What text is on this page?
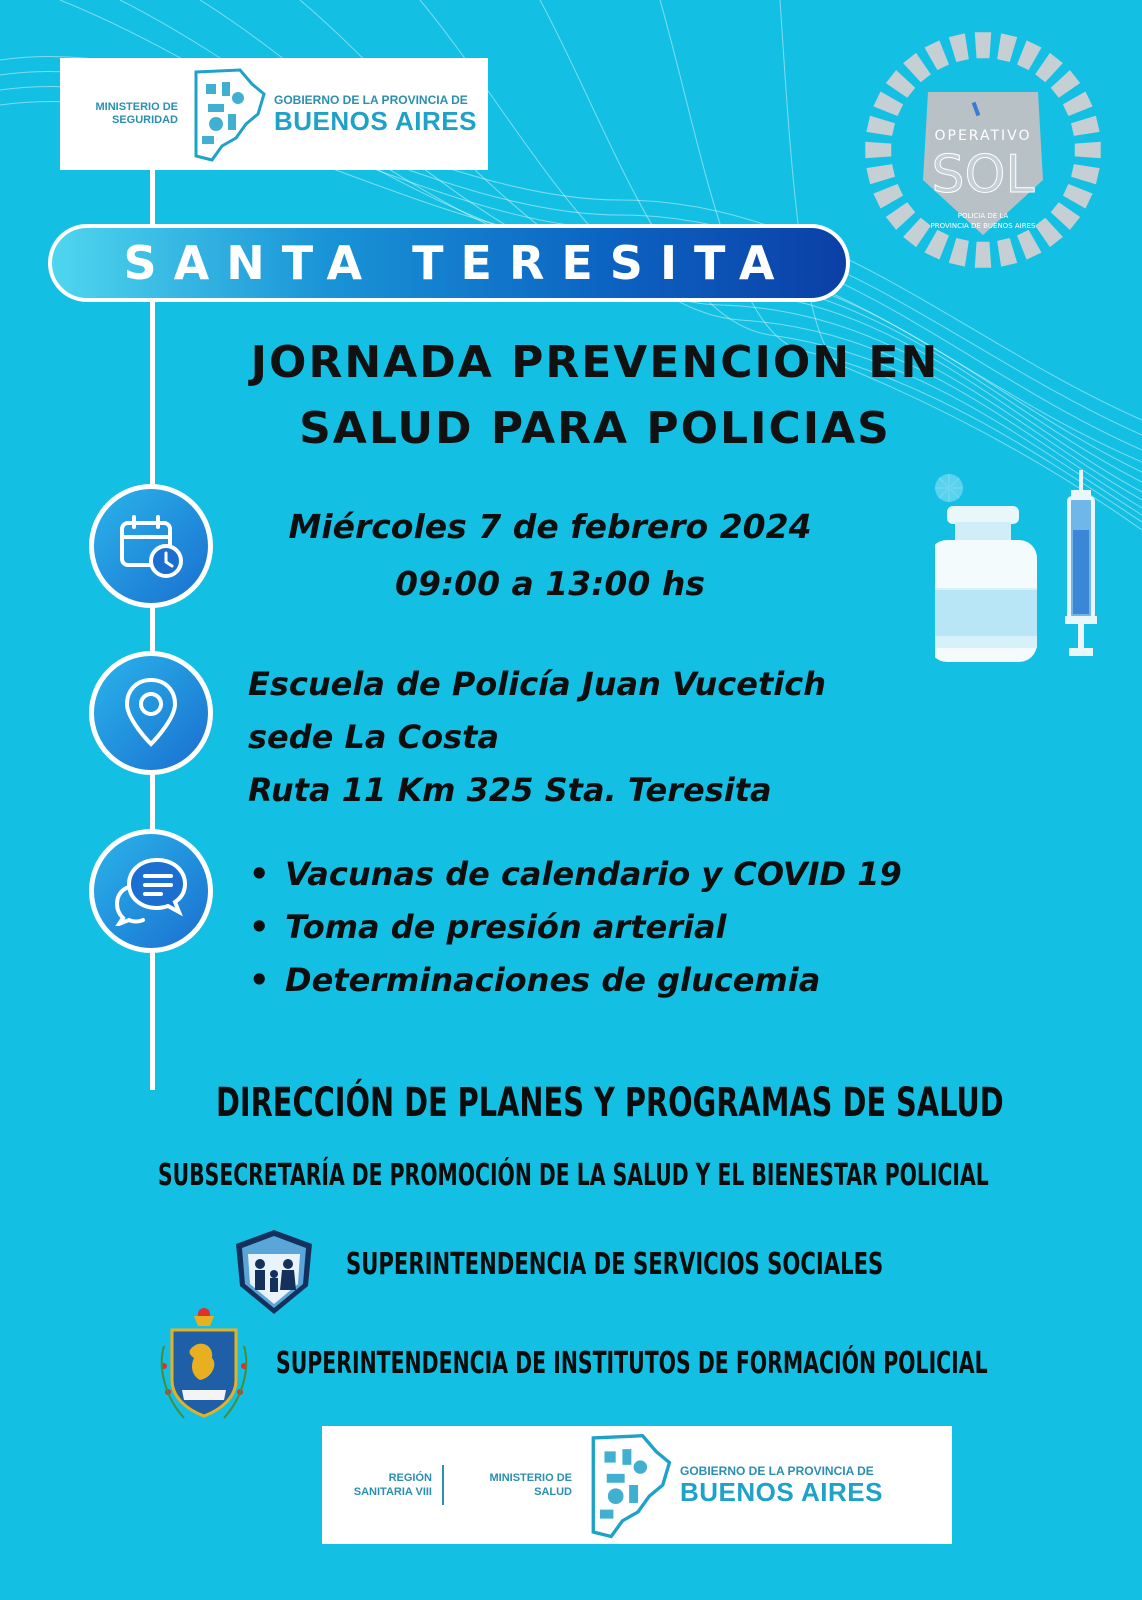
MINISTERIO DE
SEGURIDAD
GOBIERNO DE LA PROVINCIA DE
BUENOS AIRES	OPERATIVO
SOL
POLICIA DE LA
PROVINCIA DE BUENOS AIRES
SANTA TERESITA
JORNADA PREVENCION EN
SALUD PARA POLICIAS
Miércoles 7 de febrero 2024
09:00 a 13:00 hs
Escuela de Policía Juan Vucetich
sede La Costa
Ruta 11 Km 325 Sta. Teresita
• Vacunas de calendario y COVID 19
• Toma de presión arterial
• Determinaciones de glucemia
DIRECCIÓN DE PLANES Y PROGRAMAS DE SALUD
SUBSECRETARÍA DE PROMOCIÓN DE LA SALUD Y EL BIENESTAR POLICIAL
SUPERINTENDENCIA DE SERVICIOS SOCIALES
SUPERINTENDENCIA DE INSTITUTOS DE FORMACIÓN POLICIAL
REGIÓN
SANITARIA VIII
MINISTERIO DE
SALUD
GOBIERNO DE LA PROVINCIA DE
BUENOS AIRES
